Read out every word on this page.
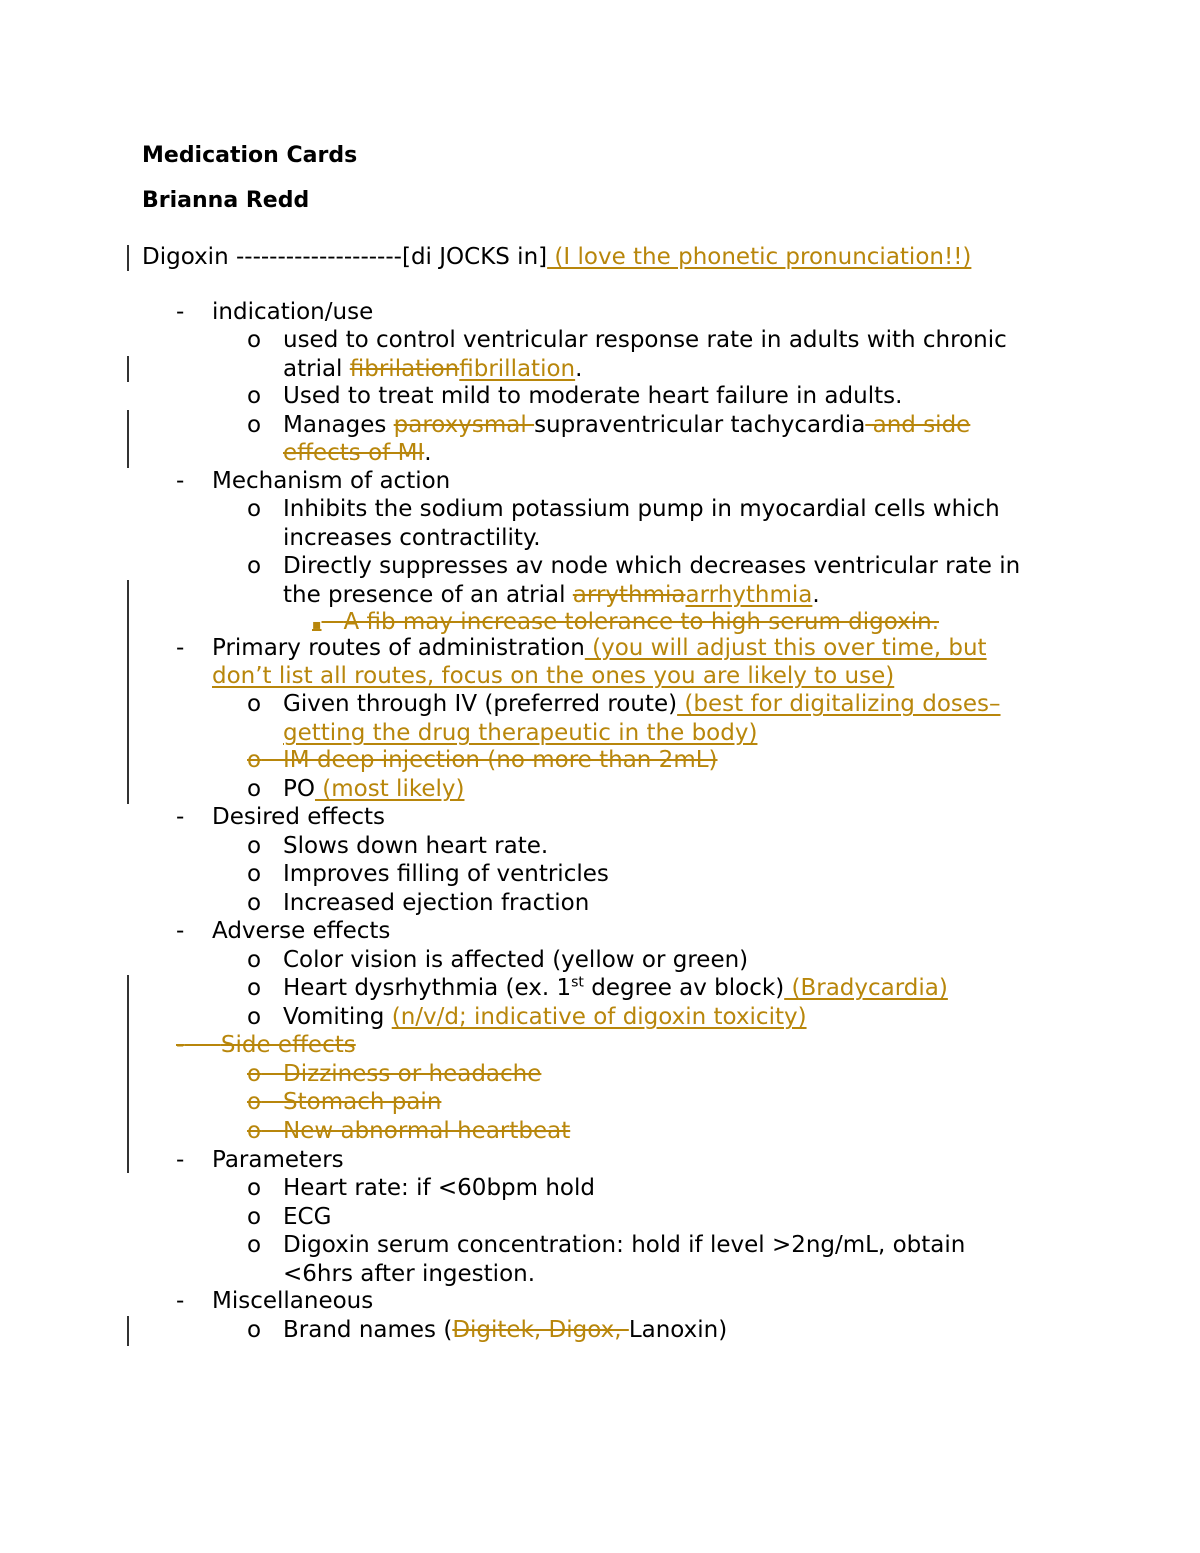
Medication Cards

Brianna Redd

Digoxin --------------------[di JOCKS in] (I love the phonetic pronunciation!!)

- indication/use

o used to control ventricular response rate in adults with chronic

atrial fibrilationfibrillation.

o Used to treat mild to moderate heart failure in adults.

o Manages paroxysmal supraventricular tachycardia and side

effects of MI.

- Mechanism of action

o Inhibits the sodium potassium pump in myocardial cells which

increases contractility.

o Directly suppresses av node which decreases ventricular rate in

the presence of an atrial arrythmiaarrhythmia.

▪ A fib may increase tolerance to high serum digoxin.

- Primary routes of administration (you will adjust this over time, but

don’t list all routes, focus on the ones you are likely to use)

o Given through IV (preferred route) (best for digitalizing doses–

getting the drug therapeutic in the body)

o IM deep injection (no more than 2mL)

o PO (most likely)

- Desired effects

o Slows down heart rate.

o Improves filling of ventricles

o Increased ejection fraction

- Adverse effects

o Color vision is affected (yellow or green)

o Heart dysrhythmia (ex. 1st degree av block) (Bradycardia)

o Vomiting (n/v/d; indicative of digoxin toxicity)

- Side effects

o Dizziness or headache

o Stomach pain

o New abnormal heartbeat

- Parameters

o Heart rate: if <60bpm hold

o ECG

o Digoxin serum concentration: hold if level >2ng/mL, obtain

<6hrs after ingestion.

- Miscellaneous

o Brand names (Digitek, Digox, Lanoxin)
